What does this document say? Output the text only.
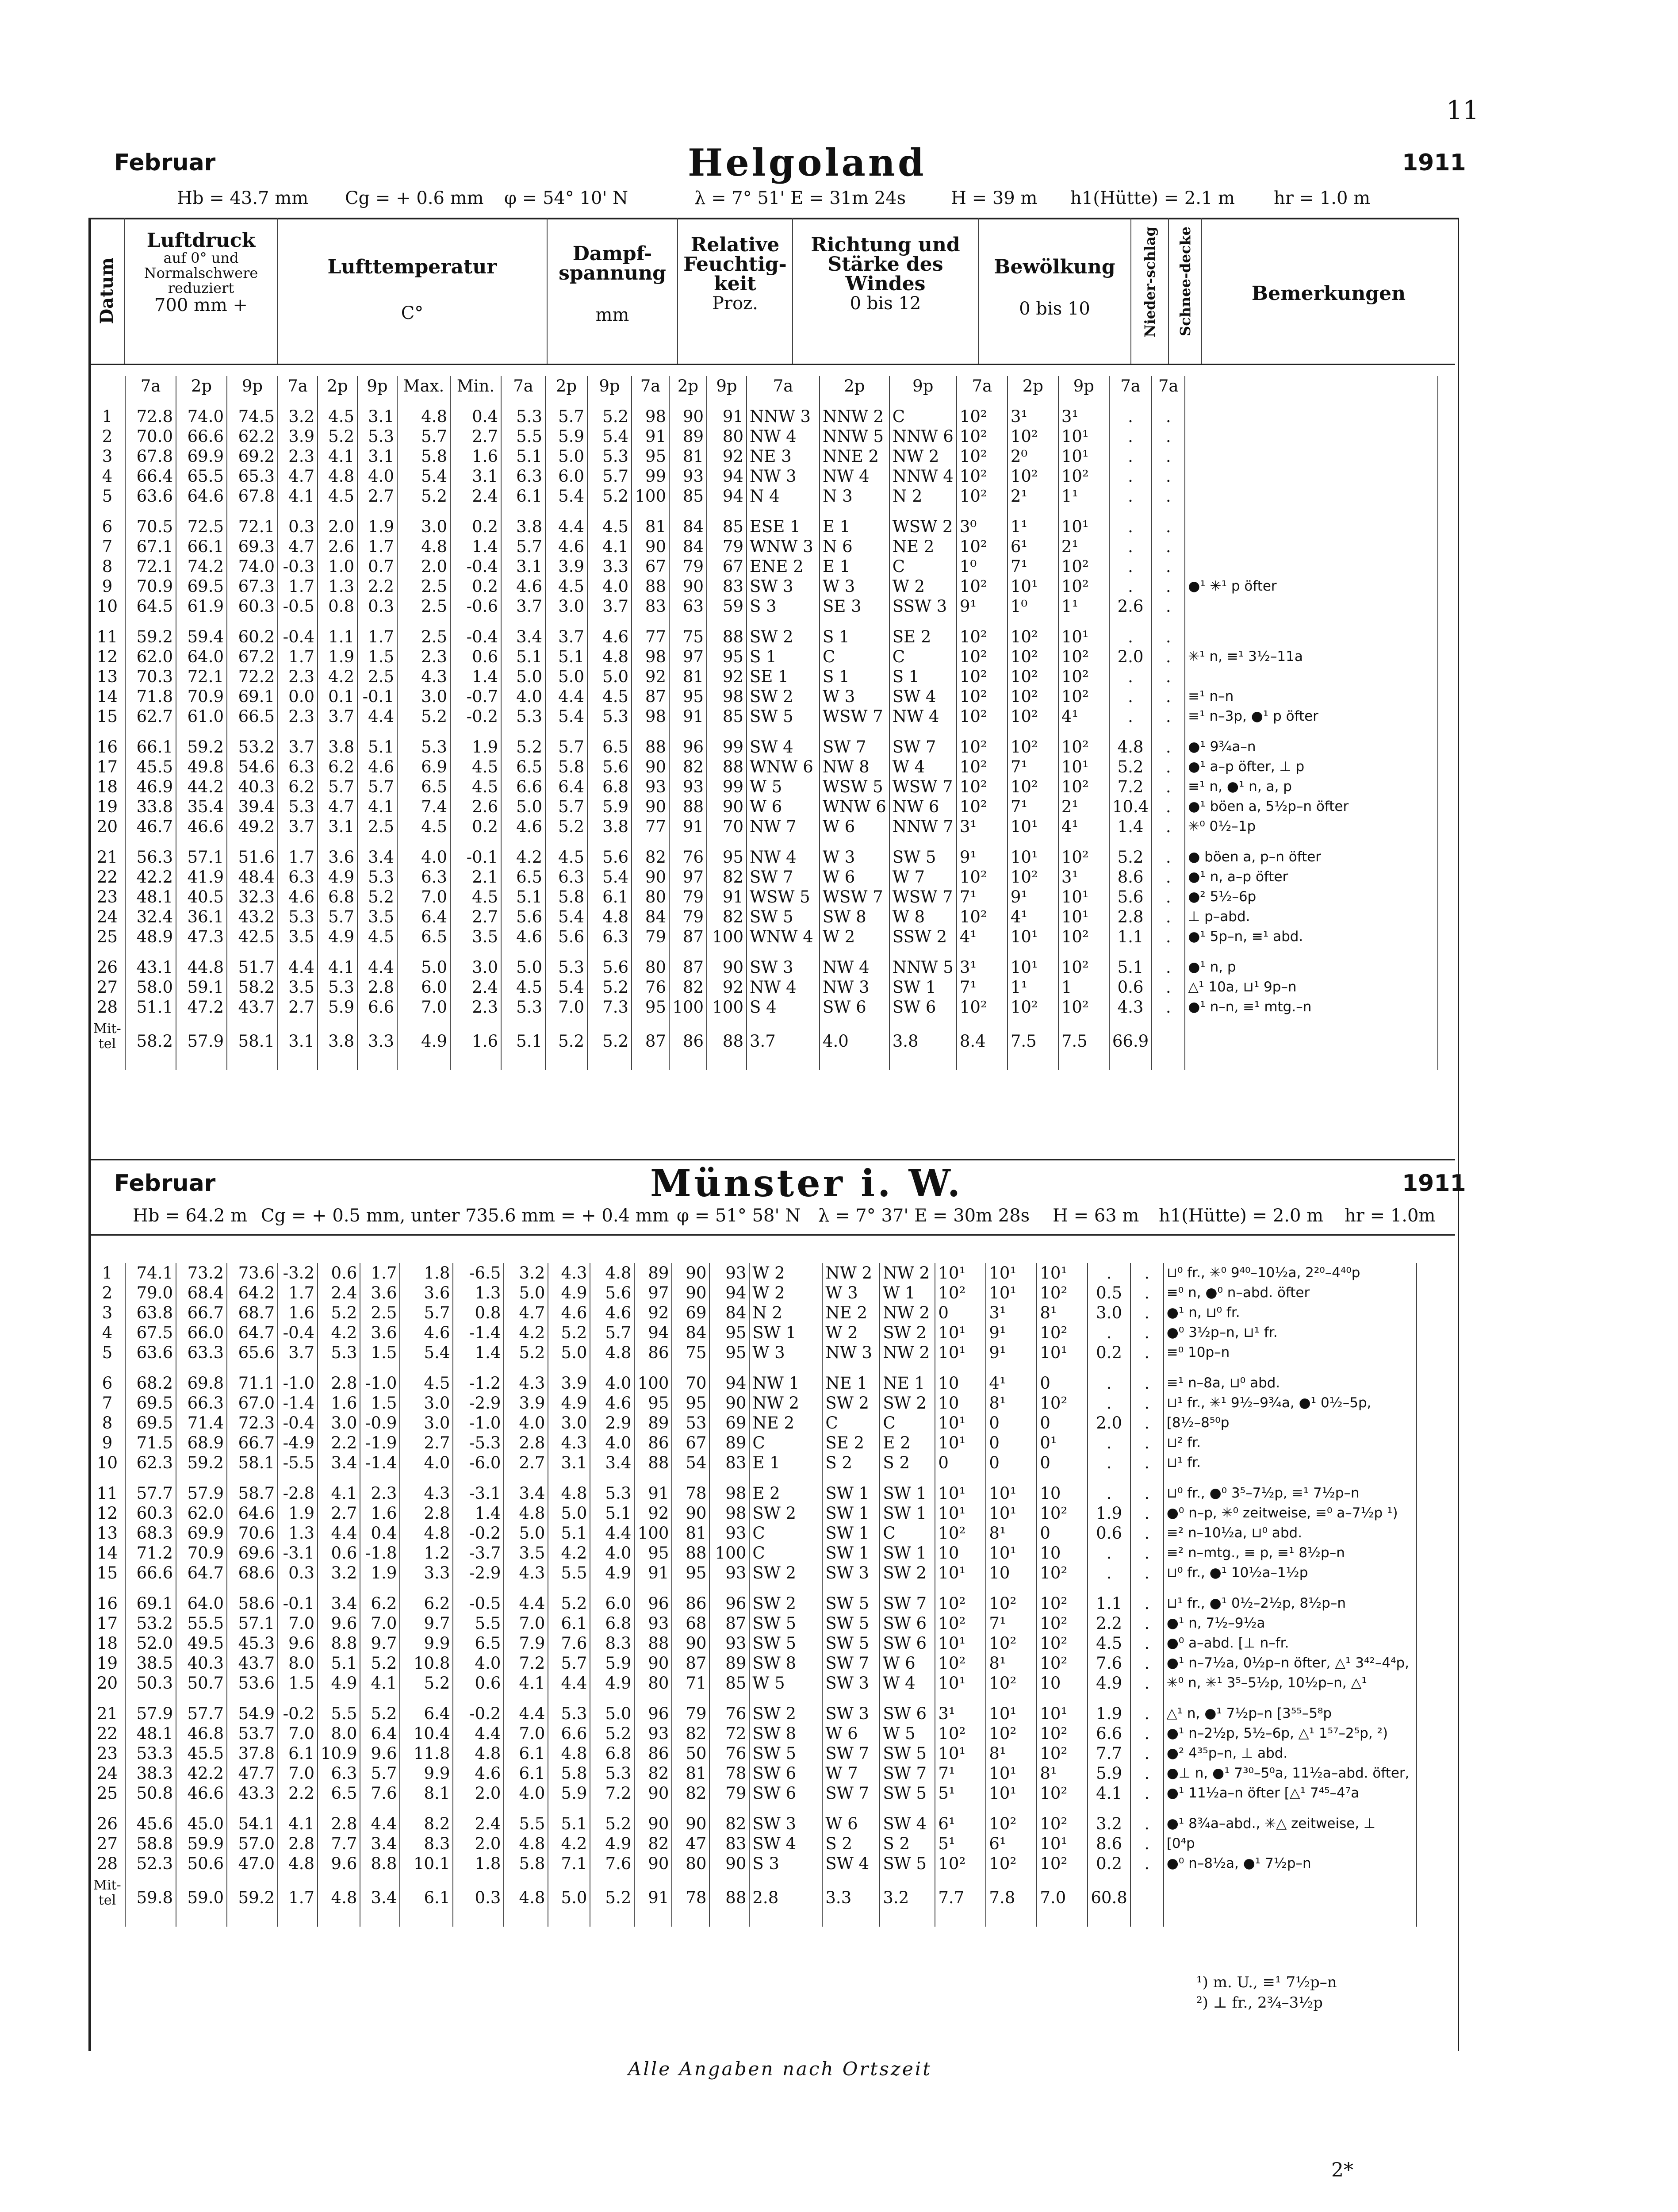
11
Februar	Helgoland	1911
Hb = 43.7 mm Cg = + 0.6 mm φ = 54° 10' N	λ = 7° 51' E = 31m 24s	H = 39 m h1(Hütte) = 2.1 m hr = 1.0 m
Datum
Luftdruck
auf 0° und Normalschwere reduziert
700 mm +
Lufttemperatur
C°
Dampf-spannung
mm
Relative Feuchtig-keit
Proz.
Richtung und Stärke des Windes
0 bis 12
Bewölkung
0 bis 10	Nieder-schlag Schnee-decke	Bemerkungen
	7a	2p	9p	7a	2p	9p	Max.	Min.	7a	2p	9p	7a	2p	9p	7a	2p	9p	7a	2p	9p	7a	7a	

1	72.8	74.0	74.5	3.2	4.5	3.1	4.8	0.4	5.3	5.7	5.2	98	90	91	NNW 3	NNW 2	C	10²	3¹	3¹	.	.	
2	70.0	66.6	62.2	3.9	5.2	5.3	5.7	2.7	5.5	5.9	5.4	91	89	80	NW 4	NNW 5	NNW 6	10²	10²	10¹	.	.	
3	67.8	69.9	69.2	2.3	4.1	3.1	5.8	1.6	5.1	5.0	5.3	95	81	92	NE 3	NNE 2	NW 2	10²	2⁰	10¹	.	.	
4	66.4	65.5	65.3	4.7	4.8	4.0	5.4	3.1	6.3	6.0	5.7	99	93	94	NW 3	NW 4	NNW 4	10²	10²	10²	.	.	
5	63.6	64.6	67.8	4.1	4.5	2.7	5.2	2.4	6.1	5.4	5.2	100	85	94	N 4	N 3	N 2	10²	2¹	1¹	.	.	

6	70.5	72.5	72.1	0.3	2.0	1.9	3.0	0.2	3.8	4.4	4.5	81	84	85	ESE 1	E 1	WSW 2	3⁰	1¹	10¹	.	.	
7	67.1	66.1	69.3	4.7	2.6	1.7	4.8	1.4	5.7	4.6	4.1	90	84	79	WNW 3	N 6	NE 2	10²	6¹	2¹	.	.	
8	72.1	74.2	74.0	-0.3	1.0	0.7	2.0	-0.4	3.1	3.9	3.3	67	79	67	ENE 2	E 1	C	1⁰	7¹	10²	.	.	
9	70.9	69.5	67.3	1.7	1.3	2.2	2.5	0.2	4.6	4.5	4.0	88	90	83	SW 3	W 3	W 2	10²	10¹	10²	.	.	●¹ ✳¹ p öfter
10	64.5	61.9	60.3	-0.5	0.8	0.3	2.5	-0.6	3.7	3.0	3.7	83	63	59	S 3	SE 3	SSW 3	9¹	1⁰	1¹	2.6	.	

11	59.2	59.4	60.2	-0.4	1.1	1.7	2.5	-0.4	3.4	3.7	4.6	77	75	88	SW 2	S 1	SE 2	10²	10²	10¹	.	.	
12	62.0	64.0	67.2	1.7	1.9	1.5	2.3	0.6	5.1	5.1	4.8	98	97	95	S 1	C	C	10²	10²	10²	2.0	.	✳¹ n, ≡¹ 3½–11a
13	70.3	72.1	72.2	2.3	4.2	2.5	4.3	1.4	5.0	5.0	5.0	92	81	92	SE 1	S 1	S 1	10²	10²	10²	.	.	
14	71.8	70.9	69.1	0.0	0.1	-0.1	3.0	-0.7	4.0	4.4	4.5	87	95	98	SW 2	W 3	SW 4	10²	10²	10²	.	.	≡¹ n–n
15	62.7	61.0	66.5	2.3	3.7	4.4	5.2	-0.2	5.3	5.4	5.3	98	91	85	SW 5	WSW 7	NW 4	10²	10²	4¹	.	.	≡¹ n–3p, ●¹ p öfter

16	66.1	59.2	53.2	3.7	3.8	5.1	5.3	1.9	5.2	5.7	6.5	88	96	99	SW 4	SW 7	SW 7	10²	10²	10²	4.8	.	●¹ 9¾a–n
17	45.5	49.8	54.6	6.3	6.2	4.6	6.9	4.5	6.5	5.8	5.6	90	82	88	WNW 6	NW 8	W 4	10²	7¹	10¹	5.2	.	●¹ a–p öfter, ⊥ p
18	46.9	44.2	40.3	6.2	5.7	5.7	6.5	4.5	6.6	6.4	6.8	93	93	99	W 5	WSW 5	WSW 7	10²	10²	10²	7.2	.	≡¹ n, ●¹ n, a, p
19	33.8	35.4	39.4	5.3	4.7	4.1	7.4	2.6	5.0	5.7	5.9	90	88	90	W 6	WNW 6	NW 6	10²	7¹	2¹	10.4	.	●¹ böen a, 5½p–n öfter
20	46.7	46.6	49.2	3.7	3.1	2.5	4.5	0.2	4.6	5.2	3.8	77	91	70	NW 7	W 6	NNW 7	3¹	10¹	4¹	1.4	.	✳⁰ 0½–1p

21	56.3	57.1	51.6	1.7	3.6	3.4	4.0	-0.1	4.2	4.5	5.6	82	76	95	NW 4	W 3	SW 5	9¹	10¹	10²	5.2	.	● böen a, p–n öfter
22	42.2	41.9	48.4	6.3	4.9	5.3	6.3	2.1	6.5	6.3	5.4	90	97	82	SW 7	W 6	W 7	10²	10²	3¹	8.6	.	●¹ n, a–p öfter
23	48.1	40.5	32.3	4.6	6.8	5.2	7.0	4.5	5.1	5.8	6.1	80	79	91	WSW 5	WSW 7	WSW 7	7¹	9¹	10¹	5.6	.	●² 5½–6p
24	32.4	36.1	43.2	5.3	5.7	3.5	6.4	2.7	5.6	5.4	4.8	84	79	82	SW 5	SW 8	W 8	10²	4¹	10¹	2.8	.	⊥ p–abd.
25	48.9	47.3	42.5	3.5	4.9	4.5	6.5	3.5	4.6	5.6	6.3	79	87	100	WNW 4	W 2	SSW 2	4¹	10¹	10²	1.1	.	●¹ 5p–n, ≡¹ abd.

26	43.1	44.8	51.7	4.4	4.1	4.4	5.0	3.0	5.0	5.3	5.6	80	87	90	SW 3	NW 4	NNW 5	3¹	10¹	10²	5.1	.	●¹ n, p
27	58.0	59.1	58.2	3.5	5.3	2.8	6.0	2.4	4.5	5.4	5.2	76	82	92	NW 4	NW 3	SW 1	7¹	1¹	1	0.6	.	△¹ 10a, ⊔¹ 9p–n
28	51.1	47.2	43.7	2.7	5.9	6.6	7.0	2.3	5.3	7.0	7.3	95	100	100	S 4	SW 6	SW 6	10²	10²	10²	4.3	.	●¹ n–n, ≡¹ mtg.–n
Mit-tel	58.2	57.9	58.1	3.1	3.8	3.3	4.9	1.6	5.1	5.2	5.2	87	86	88	3.7	4.0	3.8	8.4	7.5	7.5	66.9		
Februar	Münster i. W.	1911
Hb = 64.2 m Cg = + 0.5 mm, unter 735.6 mm = + 0.4 mm φ = 51° 58' N λ = 7° 37' E = 30m 28s H = 63 m h1(Hütte) = 2.0 m hr = 1.0m
1	74.1	73.2	73.6	-3.2	0.6	1.7	1.8	-6.5	3.2	4.3	4.8	89	90	93	W 2	NW 2	NW 2	10¹	10¹	10¹	.	.	⊔⁰ fr., ✳⁰ 9⁴⁰–10½a, 2²⁰–4⁴⁰p
2	79.0	68.4	64.2	1.7	2.4	3.6	3.6	1.3	5.0	4.9	5.6	97	90	94	W 2	W 3	W 1	10²	10¹	10²	0.5	.	≡⁰ n, ●⁰ n–abd. öfter
3	63.8	66.7	68.7	1.6	5.2	2.5	5.7	0.8	4.7	4.6	4.6	92	69	84	N 2	NE 2	NW 2	0	3¹	8¹	3.0	.	●¹ n, ⊔⁰ fr.
4	67.5	66.0	64.7	-0.4	4.2	3.6	4.6	-1.4	4.2	5.2	5.7	94	84	95	SW 1	W 2	SW 2	10¹	9¹	10²	.	.	●⁰ 3½p–n, ⊔¹ fr.
5	63.6	63.3	65.6	3.7	5.3	1.5	5.4	1.4	5.2	5.0	4.8	86	75	95	W 3	NW 3	NW 2	10¹	9¹	10¹	0.2	.	≡⁰ 10p–n

6	68.2	69.8	71.1	-1.0	2.8	-1.0	4.5	-1.2	4.3	3.9	4.0	100	70	94	NW 1	NE 1	NE 1	10	4¹	0	.	.	≡¹ n–8a, ⊔⁰ abd.
7	69.5	66.3	67.0	-1.4	1.6	1.5	3.0	-2.9	3.9	4.9	4.6	95	95	90	NW 2	SW 2	SW 2	10	8¹	10²	.	.	⊔¹ fr., ✳¹ 9½–9¾a, ●¹ 0½–5p,
8	69.5	71.4	72.3	-0.4	3.0	-0.9	3.0	-1.0	4.0	3.0	2.9	89	53	69	NE 2	C	C	10¹	0	0	2.0	.	[8½–8⁵⁰p
9	71.5	68.9	66.7	-4.9	2.2	-1.9	2.7	-5.3	2.8	4.3	4.0	86	67	89	C	SE 2	E 2	10¹	0	0¹	.	.	⊔² fr.
10	62.3	59.2	58.1	-5.5	3.4	-1.4	4.0	-6.0	2.7	3.1	3.4	88	54	83	E 1	S 2	S 2	0	0	0	.	.	⊔¹ fr.

11	57.7	57.9	58.7	-2.8	4.1	2.3	4.3	-3.1	3.4	4.8	5.3	91	78	98	E 2	SW 1	SW 1	10¹	10¹	10	.	.	⊔⁰ fr., ●⁰ 3⁵–7½p, ≡¹ 7½p–n
12	60.3	62.0	64.6	1.9	2.7	1.6	2.8	1.4	4.8	5.0	5.1	92	90	98	SW 2	SW 1	SW 1	10¹	10¹	10²	1.9	.	●⁰ n–p, ✳⁰ zeitweise, ≡⁰ a–7½p ¹)
13	68.3	69.9	70.6	1.3	4.4	0.4	4.8	-0.2	5.0	5.1	4.4	100	81	93	C	SW 1	C	10²	8¹	0	0.6	.	≡² n–10½a, ⊔⁰ abd.
14	71.2	70.9	69.6	-3.1	0.6	-1.8	1.2	-3.7	3.5	4.2	4.0	95	88	100	C	SW 1	SW 1	10	10¹	10	.	.	≡² n–mtg., ≡ p, ≡¹ 8½p–n
15	66.6	64.7	68.6	0.3	3.2	1.9	3.3	-2.9	4.3	5.5	4.9	91	95	93	SW 2	SW 3	SW 2	10¹	10	10²	.	.	⊔⁰ fr., ●¹ 10½a–1½p

16	69.1	64.0	58.6	-0.1	3.4	6.2	6.2	-0.5	4.4	5.2	6.0	96	86	96	SW 2	SW 5	SW 7	10²	10²	10²	1.1	.	⊔¹ fr., ●¹ 0½–2½p, 8½p–n
17	53.2	55.5	57.1	7.0	9.6	7.0	9.7	5.5	7.0	6.1	6.8	93	68	87	SW 5	SW 5	SW 6	10²	7¹	10²	2.2	.	●¹ n, 7½–9½a
18	52.0	49.5	45.3	9.6	8.8	9.7	9.9	6.5	7.9	7.6	8.3	88	90	93	SW 5	SW 5	SW 6	10¹	10²	10²	4.5	.	●⁰ a–abd. [⊥ n–fr.
19	38.5	40.3	43.7	8.0	5.1	5.2	10.8	4.0	7.2	5.7	5.9	90	87	89	SW 8	SW 7	W 6	10²	8¹	10²	7.6	.	●¹ n–7½a, 0½p–n öfter, △¹ 3⁴²–4⁴p,
20	50.3	50.7	53.6	1.5	4.9	4.1	5.2	0.6	4.1	4.4	4.9	80	71	85	W 5	SW 3	W 4	10¹	10²	10	4.9	.	✳⁰ n, ✳¹ 3⁵–5½p, 10½p–n, △¹

21	57.9	57.7	54.9	-0.2	5.5	5.2	6.4	-0.2	4.4	5.3	5.0	96	79	76	SW 2	SW 3	SW 6	3¹	10¹	10¹	1.9	.	△¹ n, ●¹ 7½p–n [3⁵⁵–5⁸p
22	48.1	46.8	53.7	7.0	8.0	6.4	10.4	4.4	7.0	6.6	5.2	93	82	72	SW 8	W 6	W 5	10²	10²	10²	6.6	.	●¹ n–2½p, 5½–6p, △¹ 1⁵⁷–2⁵p, ²)
23	53.3	45.5	37.8	6.1	10.9	9.6	11.8	4.8	6.1	4.8	6.8	86	50	76	SW 5	SW 7	SW 5	10¹	8¹	10²	7.7	.	●² 4³⁵p–n, ⊥ abd.
24	38.3	42.2	47.7	7.0	6.3	5.7	9.9	4.6	6.1	5.8	5.3	82	81	78	SW 6	W 7	SW 7	7¹	10¹	8¹	5.9	.	●⊥ n, ●¹ 7³⁰–5⁰a, 11½a–abd. öfter,
25	50.8	46.6	43.3	2.2	6.5	7.6	8.1	2.0	4.0	5.9	7.2	90	82	79	SW 6	SW 7	SW 5	5¹	10¹	10²	4.1	.	●¹ 11½a–n öfter [△¹ 7⁴⁵–4⁷a

26	45.6	45.0	54.1	4.1	2.8	4.4	8.2	2.4	5.5	5.1	5.2	90	90	82	SW 3	W 6	SW 4	6¹	10²	10²	3.2	.	●¹ 8¾a–abd., ✳△ zeitweise, ⊥
27	58.8	59.9	57.0	2.8	7.7	3.4	8.3	2.0	4.8	4.2	4.9	82	47	83	SW 4	S 2	S 2	5¹	6¹	10¹	8.6	.	[0⁴p
28	52.3	50.6	47.0	4.8	9.6	8.8	10.1	1.8	5.8	7.1	7.6	90	80	90	S 3	SW 4	SW 5	10²	10²	10²	0.2	.	●⁰ n–8½a, ●¹ 7½p–n
Mit-tel	59.8	59.0	59.2	1.7	4.8	3.4	6.1	0.3	4.8	5.0	5.2	91	78	88	2.8	3.3	3.2	7.7	7.8	7.0	60.8		
¹) m. U., ≡¹ 7½p–n
²) ⊥ fr., 2¾–3½p
Alle Angaben nach Ortszeit
2*
